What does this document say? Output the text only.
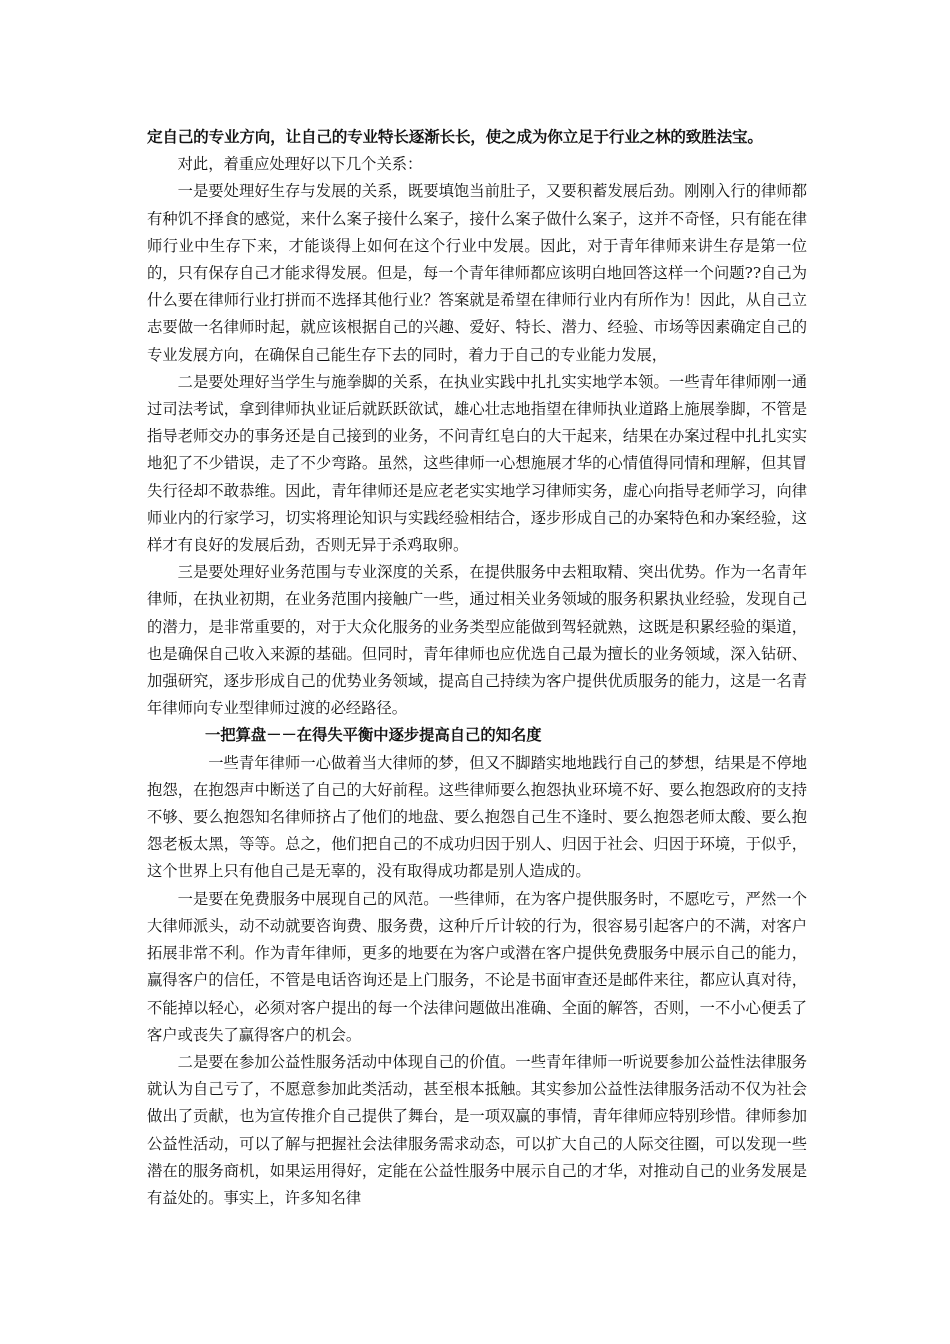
定自己的专业方向，让自己的专业特长逐渐长长，使之成为你立足于行业之林的致胜法宝。

对此，着重应处理好以下几个关系：

一是要处理好生存与发展的关系，既要填饱当前肚子，又要积蓄发展后劲。刚刚入行的律师都有种饥不择食的感觉，来什么案子接什么案子，接什么案子做什么案子，这并不奇怪，只有能在律师行业中生存下来，才能谈得上如何在这个行业中发展。因此，对于青年律师来讲生存是第一位的，只有保存自己才能求得发展。但是，每一个青年律师都应该明白地回答这样一个问题??自己为什么要在律师行业打拼而不选择其他行业？答案就是希望在律师行业内有所作为！因此，从自己立志要做一名律师时起，就应该根据自己的兴趣、爱好、特长、潜力、经验、市场等因素确定自己的专业发展方向，在确保自己能生存下去的同时，着力于自己的专业能力发展，

二是要处理好当学生与施拳脚的关系，在执业实践中扎扎实实地学本领。一些青年律师刚一通过司法考试，拿到律师执业证后就跃跃欲试，雄心壮志地指望在律师执业道路上施展拳脚，不管是指导老师交办的事务还是自己接到的业务，不问青红皂白的大干起来，结果在办案过程中扎扎实实地犯了不少错误，走了不少弯路。虽然，这些律师一心想施展才华的心情值得同情和理解，但其冒失行径却不敢恭维。因此，青年律师还是应老老实实地学习律师实务，虚心向指导老师学习，向律师业内的行家学习，切实将理论知识与实践经验相结合，逐步形成自己的办案特色和办案经验，这样才有良好的发展后劲，否则无异于杀鸡取卵。

三是要处理好业务范围与专业深度的关系，在提供服务中去粗取精、突出优势。作为一名青年律师，在执业初期，在业务范围内接触广一些，通过相关业务领域的服务积累执业经验，发现自己的潜力，是非常重要的，对于大众化服务的业务类型应能做到驾轻就熟，这既是积累经验的渠道，也是确保自己收入来源的基础。但同时，青年律师也应优选自己最为擅长的业务领域，深入钻研、加强研究，逐步形成自己的优势业务领域，提高自己持续为客户提供优质服务的能力，这是一名青年律师向专业型律师过渡的必经路径。

一把算盘－－在得失平衡中逐步提高自己的知名度

一些青年律师一心做着当大律师的梦，但又不脚踏实地地践行自己的梦想，结果是不停地抱怨，在抱怨声中断送了自己的大好前程。这些律师要么抱怨执业环境不好、要么抱怨政府的支持不够、要么抱怨知名律师挤占了他们的地盘、要么抱怨自己生不逢时、要么抱怨老师太酸、要么抱怨老板太黑，等等。总之，他们把自己的不成功归因于别人、归因于社会、归因于环境，于似乎，这个世界上只有他自己是无辜的，没有取得成功都是别人造成的。

一是要在免费服务中展现自己的风范。一些律师，在为客户提供服务时，不愿吃亏，严然一个大律师派头，动不动就要咨询费、服务费，这种斤斤计较的行为，很容易引起客户的不满，对客户拓展非常不利。作为青年律师，更多的地要在为客户或潜在客户提供免费服务中展示自己的能力，赢得客户的信任，不管是电话咨询还是上门服务，不论是书面审查还是邮件来往，都应认真对待，不能掉以轻心，必须对客户提出的每一个法律问题做出准确、全面的解答，否则，一不小心便丢了客户或丧失了赢得客户的机会。

二是要在参加公益性服务活动中体现自己的价值。一些青年律师一听说要参加公益性法律服务就认为自己亏了，不愿意参加此类活动，甚至根本抵触。其实参加公益性法律服务活动不仅为社会做出了贡献，也为宣传推介自己提供了舞台，是一项双赢的事情，青年律师应特别珍惜。律师参加公益性活动，可以了解与把握社会法律服务需求动态，可以扩大自己的人际交往圈，可以发现一些潜在的服务商机，如果运用得好，定能在公益性服务中展示自己的才华，对推动自己的业务发展是有益处的。事实上，许多知名律
